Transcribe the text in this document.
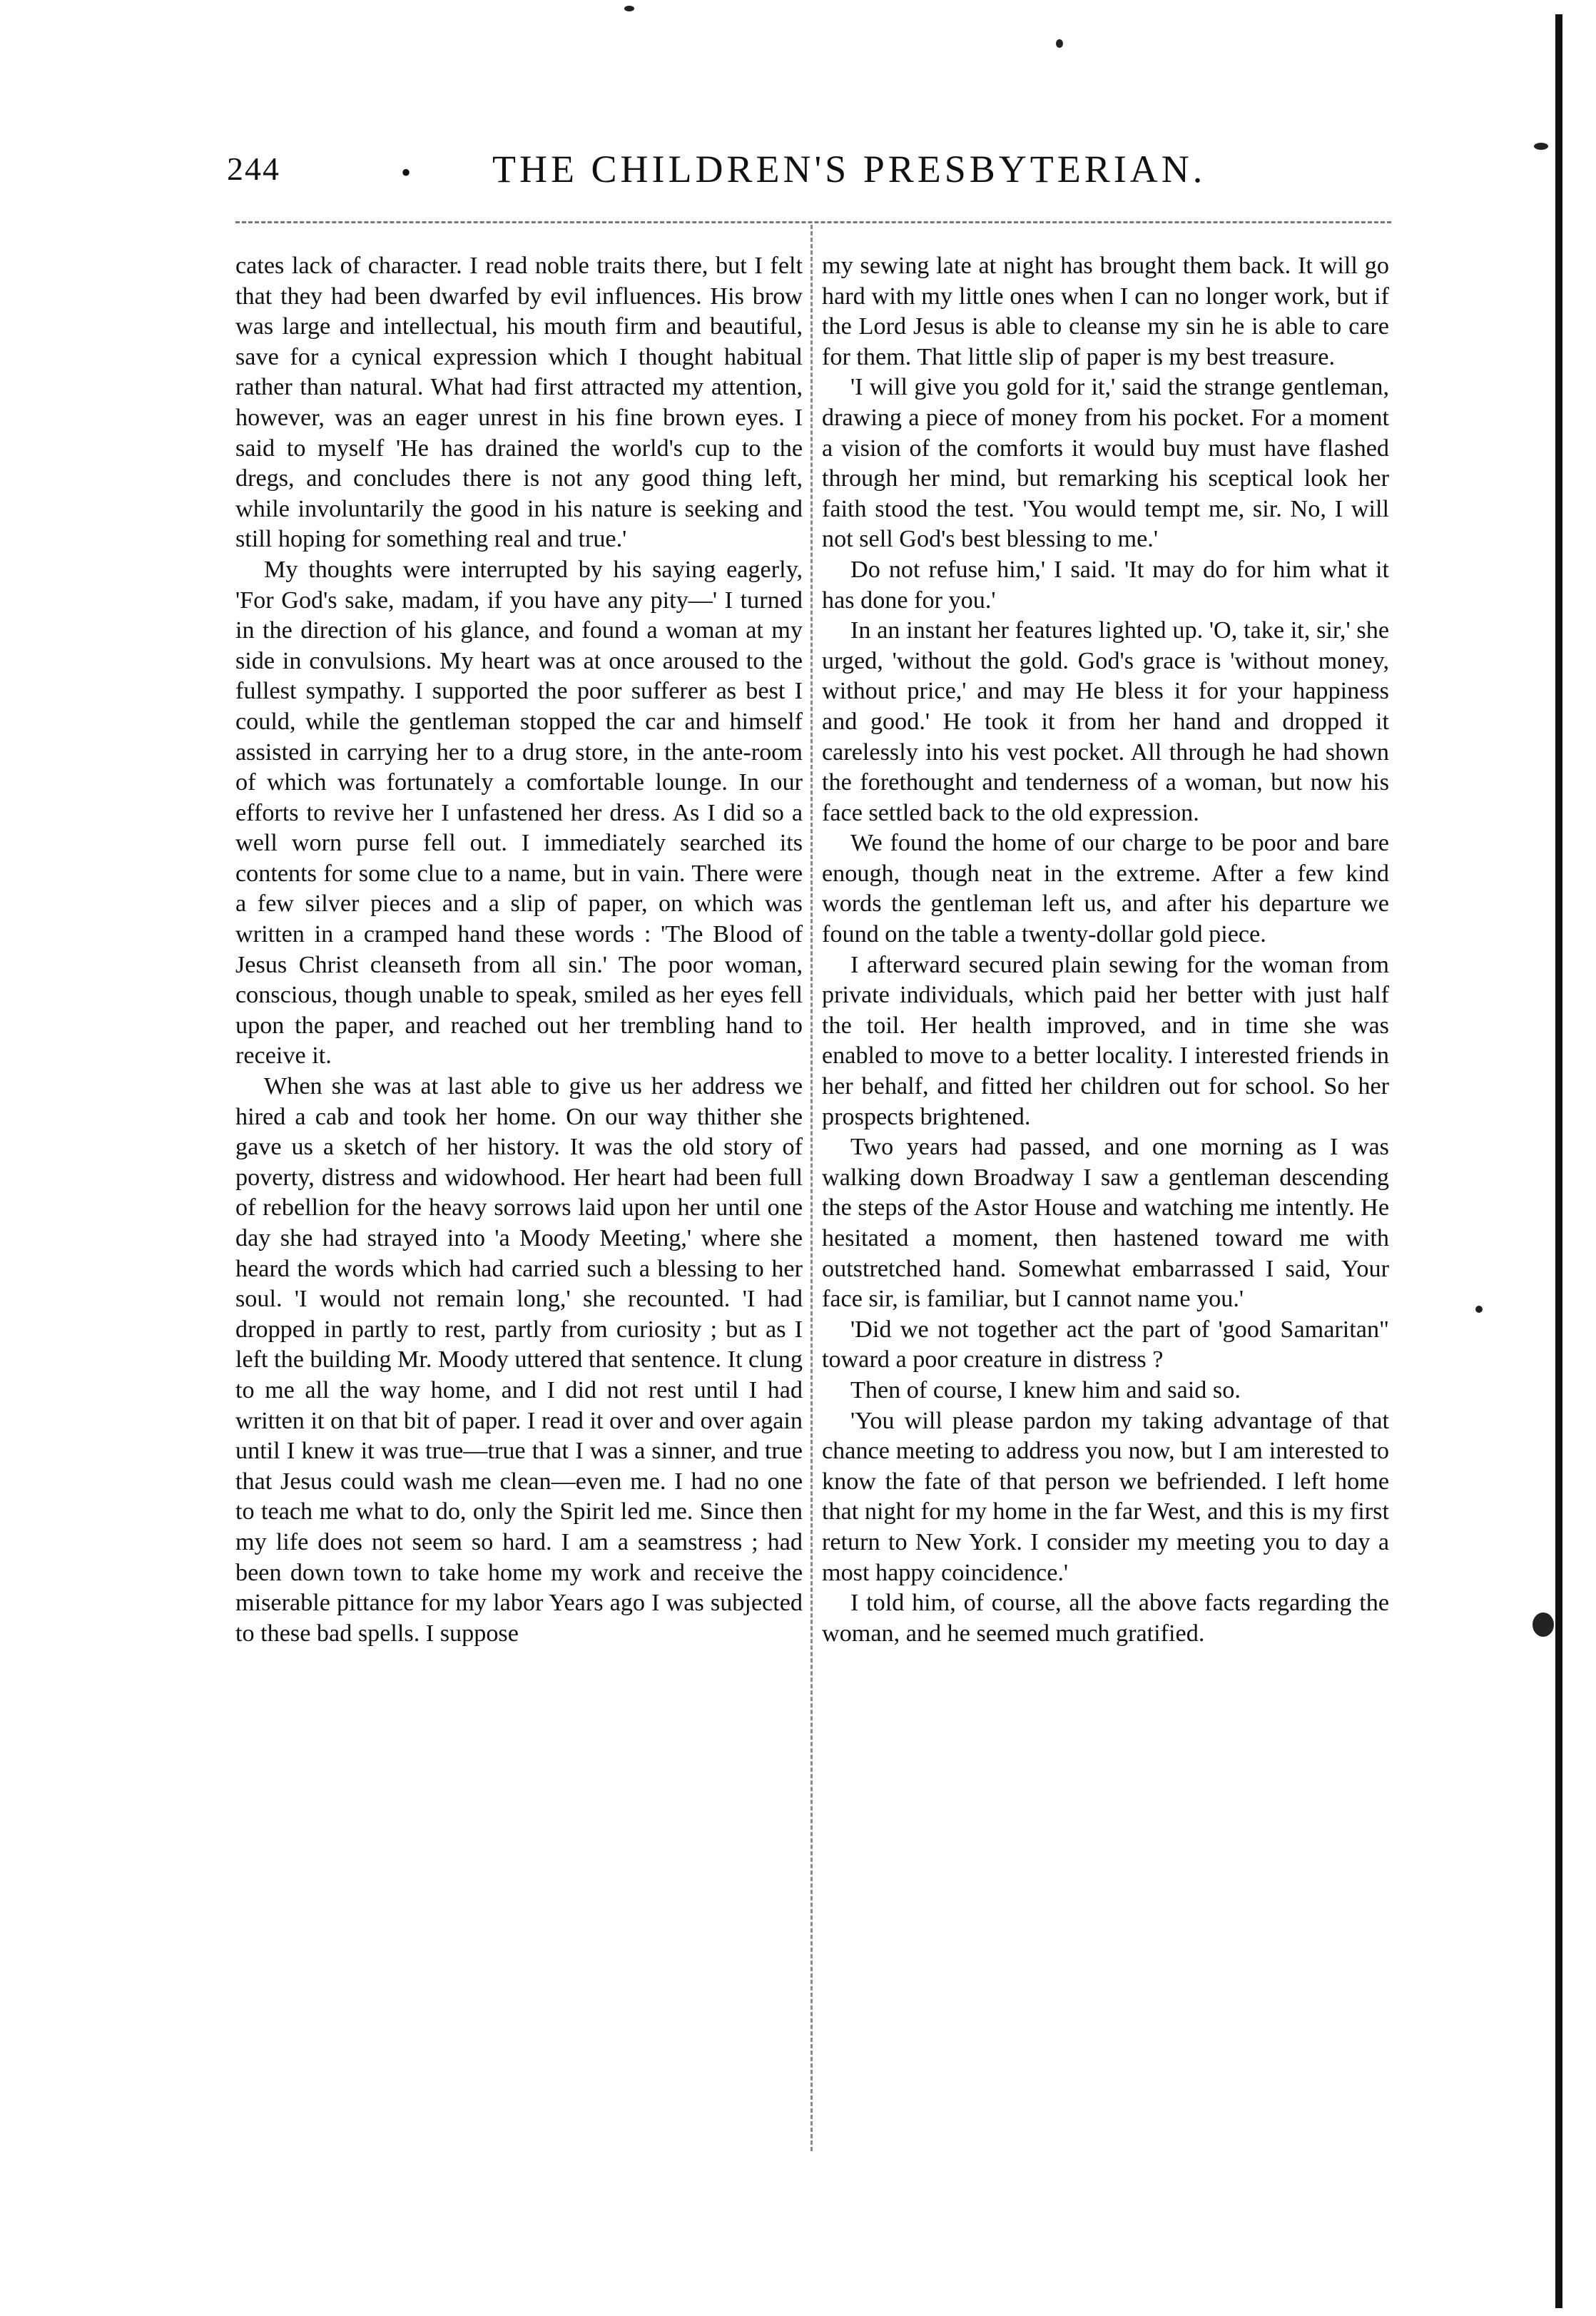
244	• THE CHILDREN'S PRESBYTERIAN.

cates lack of character. I read noble traits there, but I felt that they had been dwarfed by evil influences. His brow was large and intellectual, his mouth firm and beautiful, save for a cynical expression which I thought habitual rather than natural. What had first attracted my attention, however, was an eager unrest in his fine brown eyes. I said to myself 'He has drained the world's cup to the dregs, and concludes there is not any good thing left, while involuntarily the good in his nature is seeking and still hoping for something real and true.'

My thoughts were interrupted by his saying eagerly, 'For God's sake, madam, if you have any pity—' I turned in the direction of his glance, and found a woman at my side in convulsions. My heart was at once aroused to the fullest sympathy. I supported the poor sufferer as best I could, while the gentleman stopped the car and himself assisted in carrying her to a drug store, in the ante-room of which was fortunately a comfortable lounge. In our efforts to revive her I unfastened her dress. As I did so a well worn purse fell out. I immediately searched its contents for some clue to a name, but in vain. There were a few silver pieces and a slip of paper, on which was written in a cramped hand these words : 'The Blood of Jesus Christ cleanseth from all sin.' The poor woman, conscious, though unable to speak, smiled as her eyes fell upon the paper, and reached out her trembling hand to receive it.

When she was at last able to give us her address we hired a cab and took her home. On our way thither she gave us a sketch of her history. It was the old story of poverty, distress and widowhood. Her heart had been full of rebellion for the heavy sorrows laid upon her until one day she had strayed into 'a Moody Meeting,' where she heard the words which had carried such a blessing to her soul. 'I would not remain long,' she recounted. 'I had dropped in partly to rest, partly from curiosity ; but as I left the building Mr. Moody uttered that sentence. It clung to me all the way home, and I did not rest until I had written it on that bit of paper. I read it over and over again until I knew it was true—true that I was a sinner, and true that Jesus could wash me clean—even me. I had no one to teach me what to do, only the Spirit led me. Since then my life does not seem so hard. I am a seamstress ; had been down town to take home my work and receive the miserable pittance for my labor Years ago I was subjected to these bad spells. I suppose

my sewing late at night has brought them back. It will go hard with my little ones when I can no longer work, but if the Lord Jesus is able to cleanse my sin he is able to care for them. That little slip of paper is my best treasure.

'I will give you gold for it,' said the strange gentleman, drawing a piece of money from his pocket. For a moment a vision of the comforts it would buy must have flashed through her mind, but remarking his sceptical look her faith stood the test. 'You would tempt me, sir. No, I will not sell God's best blessing to me.'

Do not refuse him,' I said. 'It may do for him what it has done for you.'

In an instant her features lighted up. 'O, take it, sir,' she urged, 'without the gold. God's grace is 'without money, without price,' and may He bless it for your happiness and good.' He took it from her hand and dropped it carelessly into his vest pocket. All through he had shown the forethought and tenderness of a woman, but now his face settled back to the old expression.

We found the home of our charge to be poor and bare enough, though neat in the extreme. After a few kind words the gentleman left us, and after his departure we found on the table a twenty-dollar gold piece.

I afterward secured plain sewing for the woman from private individuals, which paid her better with just half the toil. Her health improved, and in time she was enabled to move to a better locality. I interested friends in her behalf, and fitted her children out for school. So her prospects brightened.

Two years had passed, and one morning as I was walking down Broadway I saw a gentleman descending the steps of the Astor House and watching me intently. He hesitated a moment, then hastened toward me with outstretched hand. Somewhat embarrassed I said, Your face sir, is familiar, but I cannot name you.'

'Did we not together act the part of 'good Samaritan" toward a poor creature in distress ?

Then of course, I knew him and said so.

'You will please pardon my taking advantage of that chance meeting to address you now, but I am interested to know the fate of that person we befriended. I left home that night for my home in the far West, and this is my first return to New York. I consider my meeting you to day a most happy coincidence.'

I told him, of course, all the above facts regarding the woman, and he seemed much gratified.
